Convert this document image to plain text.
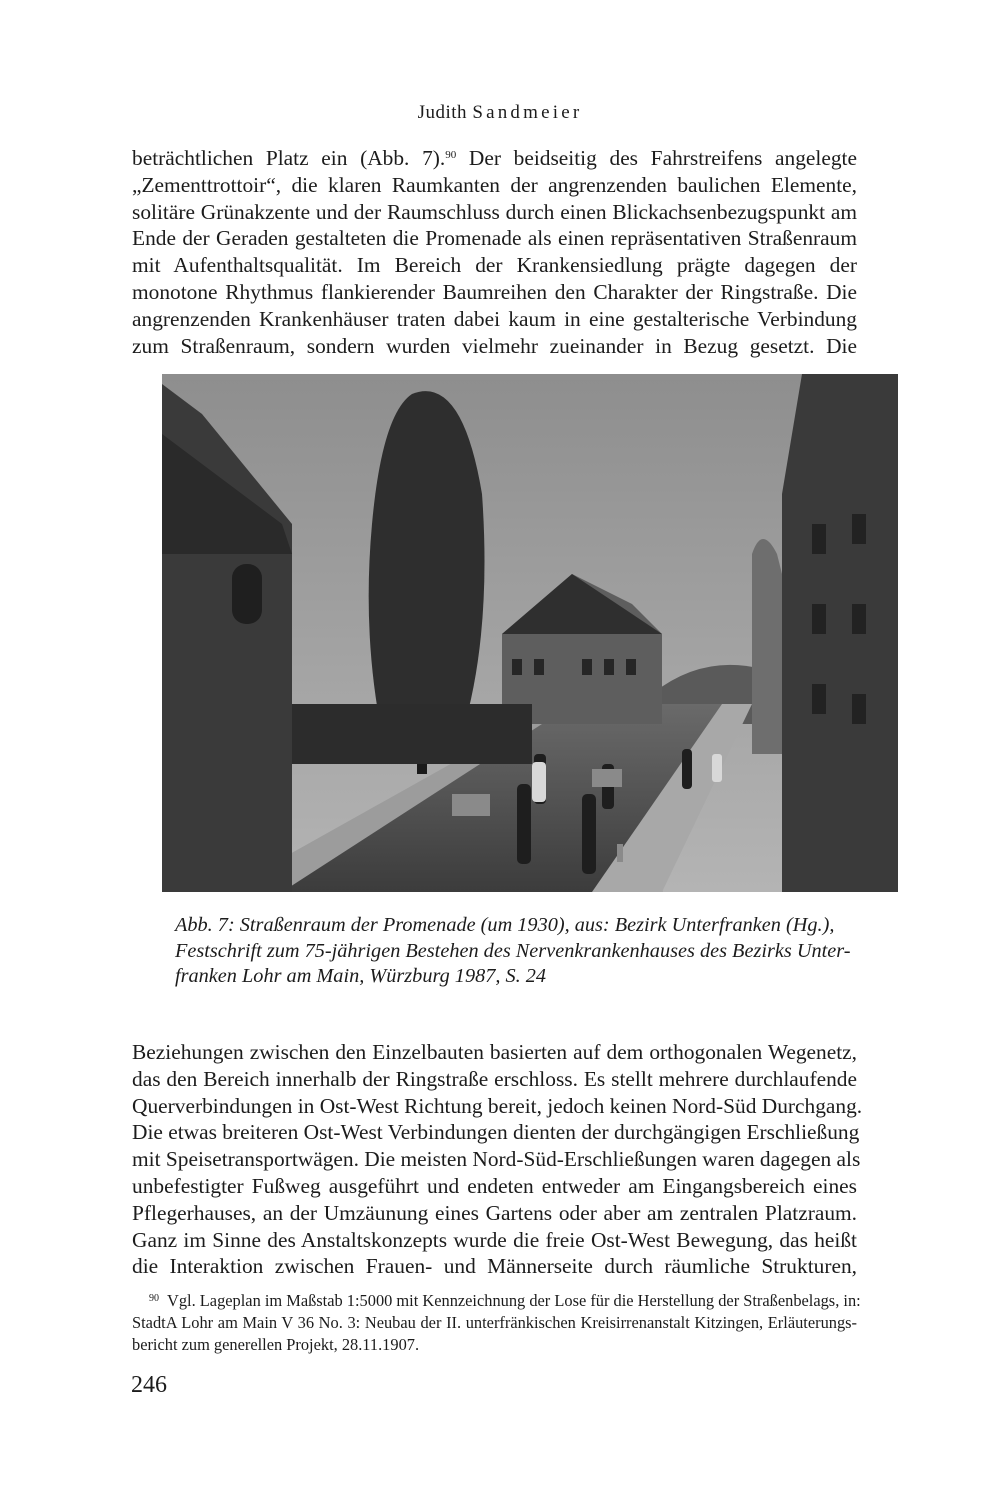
Judith Sandmeier
beträchtlichen Platz ein (Abb. 7).$^{90}$ Der beidseitig des Fahrstreifens angelegte
„Zementtrottoir“, die klaren Raumkanten der angrenzenden baulichen Elemente,
solitäre Grünakzente und der Raumschluss durch einen Blickachsenbezugspunkt am
Ende der Geraden gestalteten die Promenade als einen repräsentativen Straßenraum
mit Aufenthaltsqualität. Im Bereich der Krankensiedlung prägte dagegen der
monotone Rhythmus flankierender Baumreihen den Charakter der Ringstraße. Die
angrenzenden Krankenhäuser traten dabei kaum in eine gestalterische Verbindung
zum Straßenraum, sondern wurden vielmehr zueinander in Bezug gesetzt. Die
Abb. 7: Straßenraum der Promenade (um 1930), aus: Bezirk Unterfranken (Hg.),
Festschrift zum 75-jährigen Bestehen des Nervenkrankenhauses des Bezirks Unter-
franken Lohr am Main, Würzburg 1987, S. 24
Beziehungen zwischen den Einzelbauten basierten auf dem orthogonalen Wegenetz,
das den Bereich innerhalb der Ringstraße erschloss. Es stellt mehrere durchlaufende
Querverbindungen in Ost-West Richtung bereit, jedoch keinen Nord-Süd Durchgang.
Die etwas breiteren Ost-West Verbindungen dienten der durchgängigen Erschließung
mit Speisetransportwägen. Die meisten Nord-Süd-Erschließungen waren dagegen als
unbefestigter Fußweg ausgeführt und endeten entweder am Eingangsbereich eines
Pflegerhauses, an der Umzäunung eines Gartens oder aber am zentralen Platzraum.
Ganz im Sinne des Anstaltskonzepts wurde die freie Ost-West Bewegung, das heißt
die Interaktion zwischen Frauen- und Männerseite durch räumliche Strukturen,
$^{90}$ Vgl. Lageplan im Maßstab 1:5000 mit Kennzeichnung der Lose für die Herstellung der Straßenbelags, in:
StadtA Lohr am Main V 36 No. 3: Neubau der II. unterfränkischen Kreisirrenanstalt Kitzingen, Erläuterungs-
bericht zum generellen Projekt, 28.11.1907.
246
